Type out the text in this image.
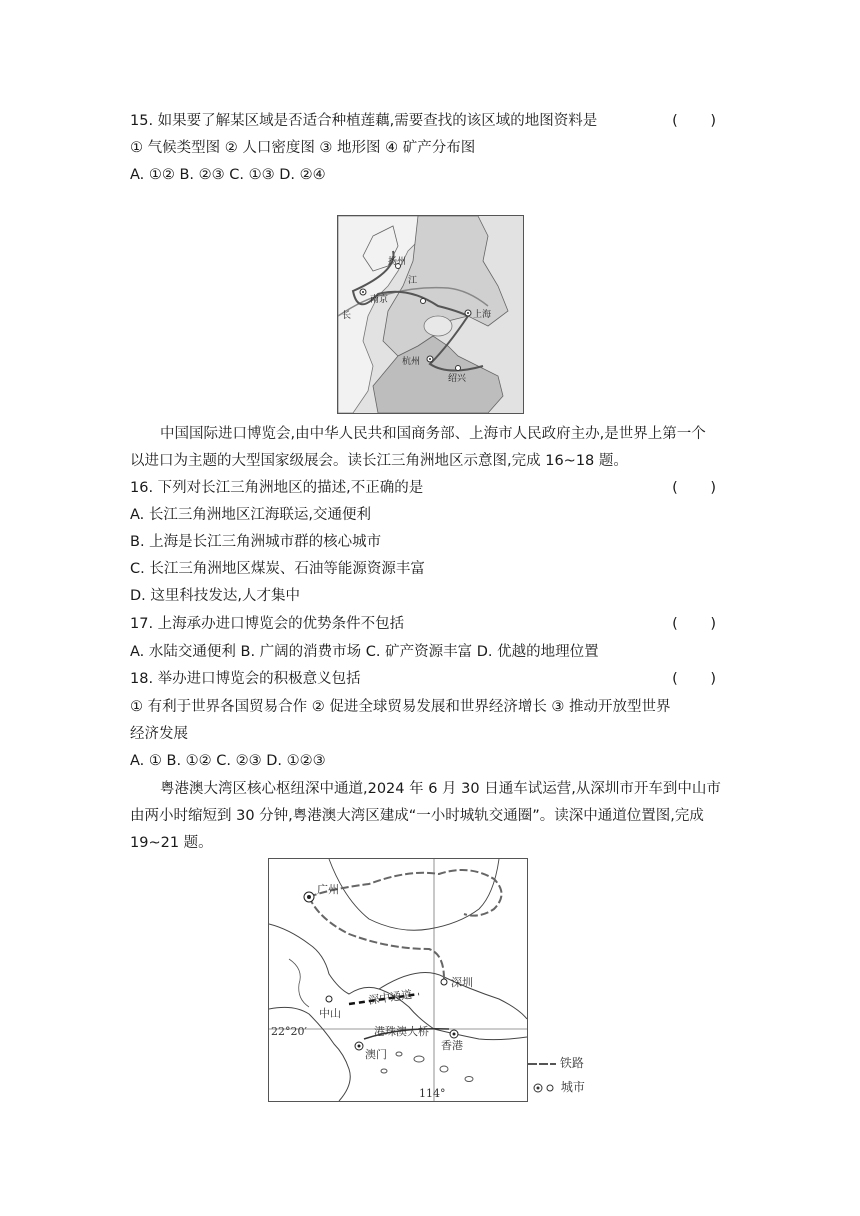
15. 如果要了解某区域是否适合种植莲藕,需要查找的该区域的地图资料是	( )
① 气候类型图 ② 人口密度图 ③ 地形图 ④ 矿产分布图
A. ①② B. ②③ C. ①③ D. ②④
扬州
江
南京
长	上海
杭州
绍兴
中国国际进口博览会,由中华人民共和国商务部、上海市人民政府主办,是世界上第一个
以进口为主题的大型国家级展会。读长江三角洲地区示意图,完成 16~18 题。
16. 下列对长江三角洲地区的描述,不正确的是	( )
A. 长江三角洲地区江海联运,交通便利
B. 上海是长江三角洲城市群的核心城市
C. 长江三角洲地区煤炭、石油等能源资源丰富
D. 这里科技发达,人才集中
17. 上海承办进口博览会的优势条件不包括	( )
A. 水陆交通便利 B. 广阔的消费市场 C. 矿产资源丰富 D. 优越的地理位置
18. 举办进口博览会的积极意义包括	( )
① 有利于世界各国贸易合作 ② 促进全球贸易发展和世界经济增长 ③ 推动开放型世界
经济发展
A. ① B. ①② C. ②③ D. ①②③
粤港澳大湾区核心枢纽深中通道,2024 年 6 月 30 日通车试运营,从深圳市开车到中山市
由两小时缩短到 30 分钟,粤港澳大湾区建成“一小时城轨交通圈”。读深中通道位置图,完成
19~21 题。
广州
深圳
中山
深中通道
22°20′	港珠澳大桥
澳门
香港
114°
铁路
城市
